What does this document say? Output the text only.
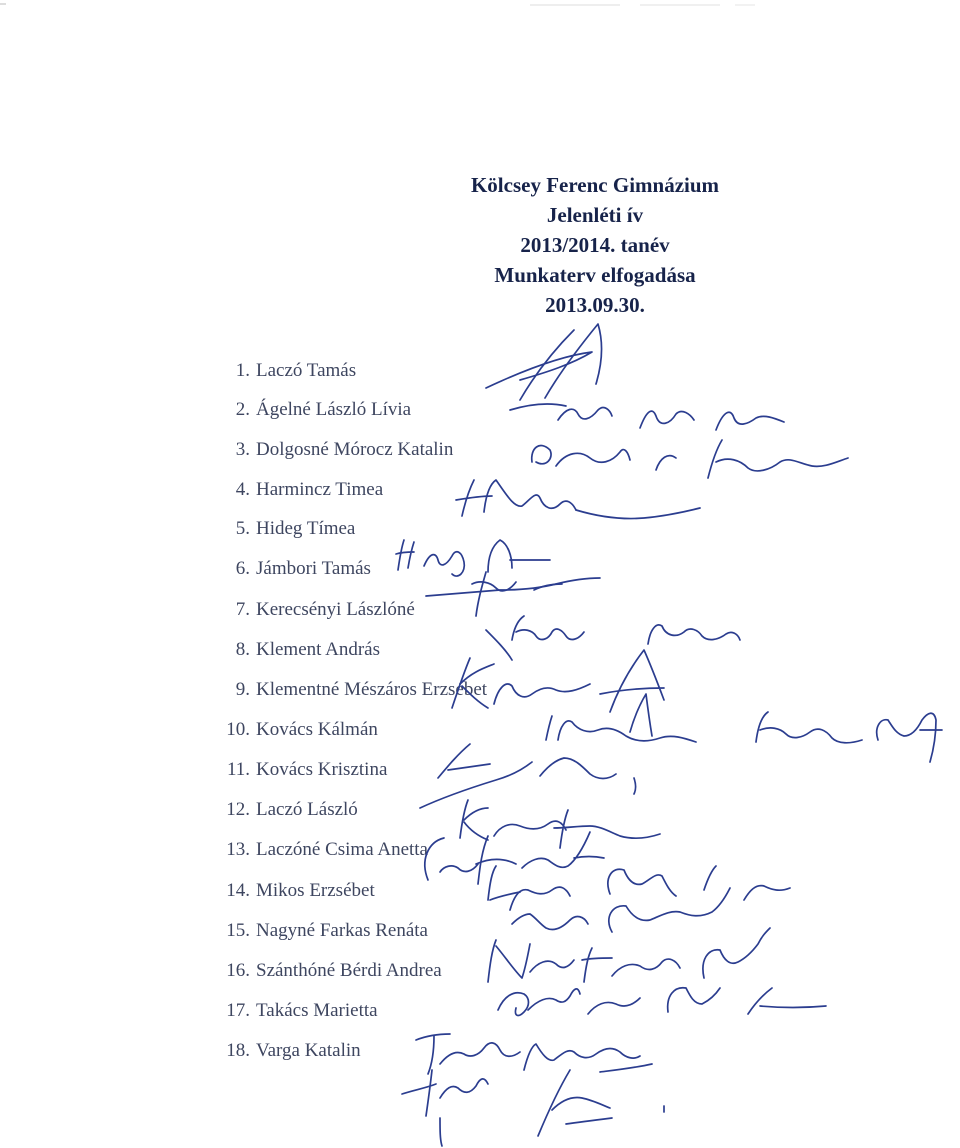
Kölcsey Ferenc Gimnázium
Jelenléti ív
2013/2014. tanév
Munkaterv elfogadása
2013.09.30.
1. Laczó Tamás
2. Ágelné László Lívia
3. Dolgosné Mórocz Katalin
4. Harmincz Timea
5. Hideg Tímea
6. Jámbori Tamás
7. Kerecsényi Lászlóné
8. Klement András
9. Klementné Mészáros Erzsébet
10. Kovács Kálmán
11. Kovács Krisztina
12. Laczó László
13. Laczóné Csima Anetta
14. Mikos Erzsébet
15. Nagyné Farkas Renáta
16. Szánthóné Bérdi Andrea
17. Takács Marietta
18. Varga Katalin
